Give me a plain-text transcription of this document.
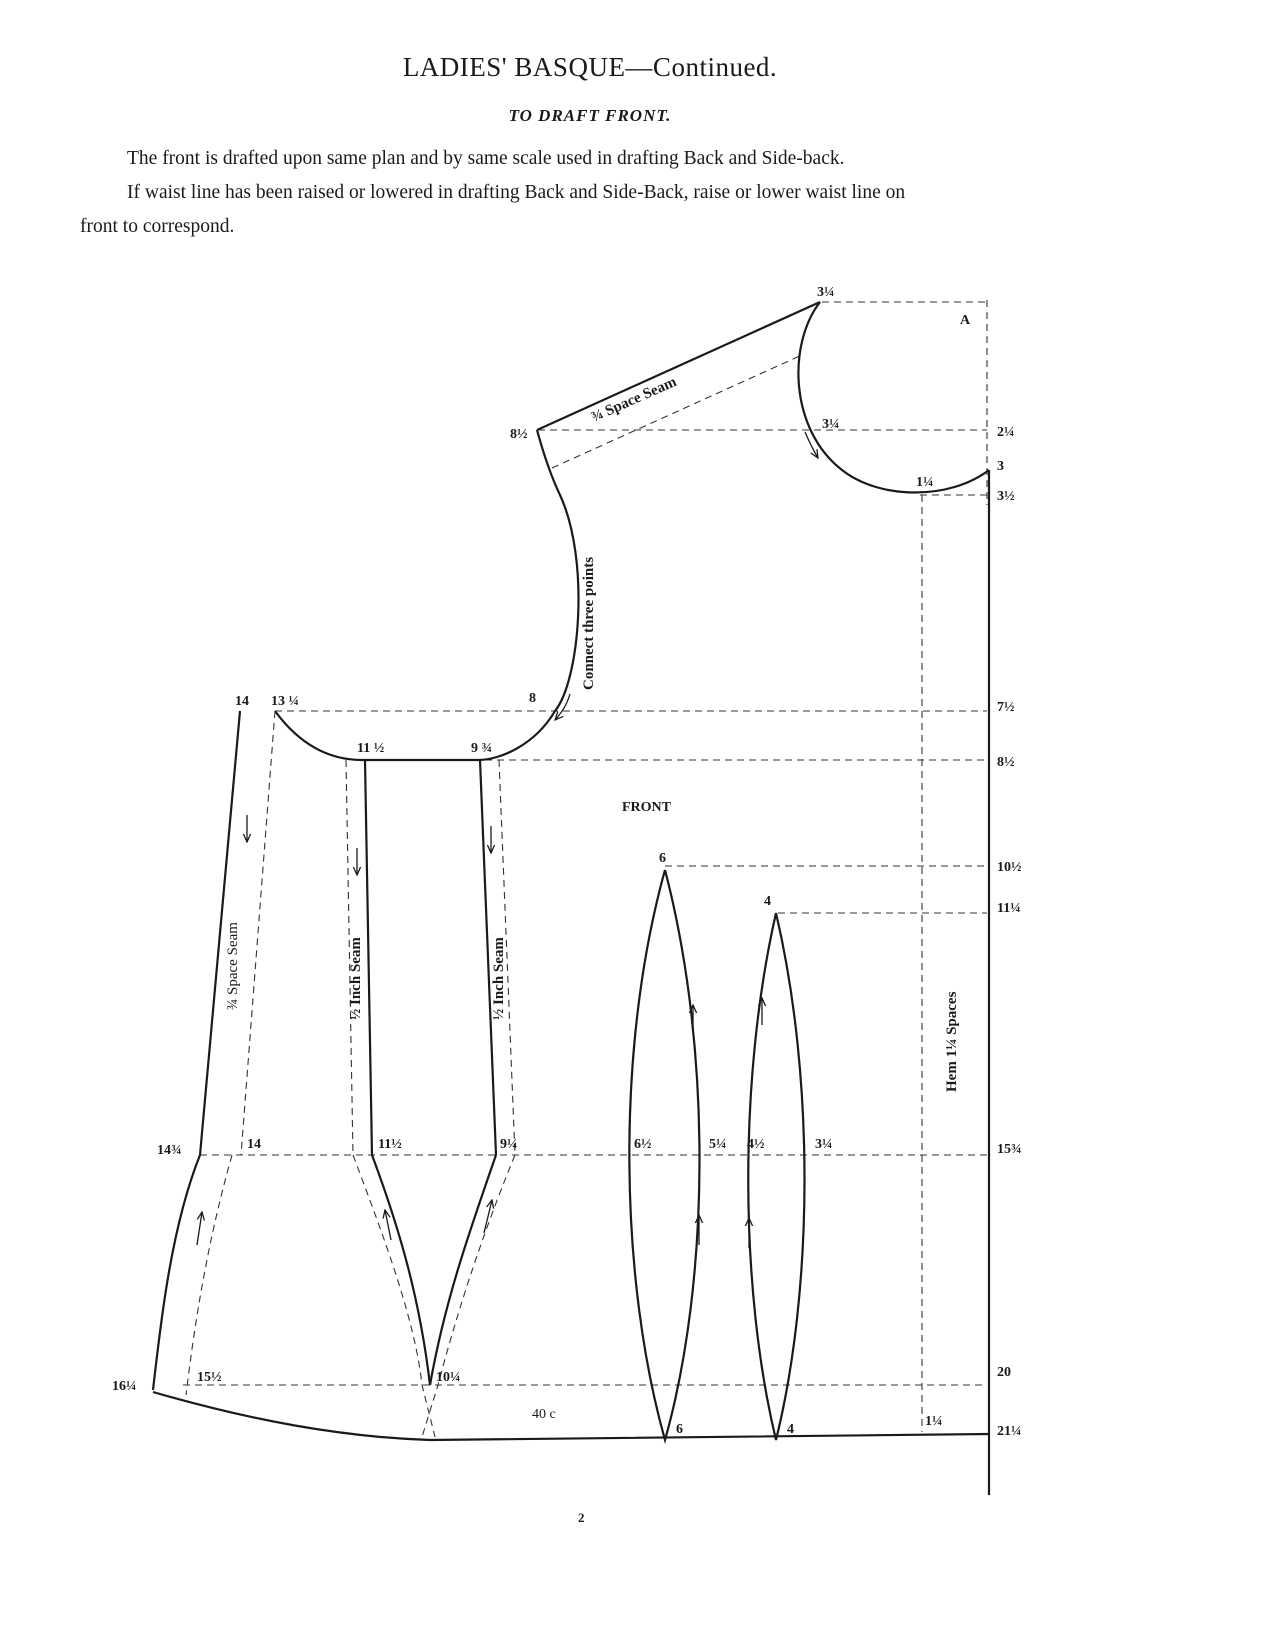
LADIES' BASQUE—Continued.
TO DRAFT FRONT.
The front is drafted upon same plan and by same scale used in drafting Back and Side-back.
If waist line has been raised or lowered in drafting Back and Side-Back, raise or lower waist line on
front to correspond.
2¼
3
3½
7½
8½
10½
11¼
15¾
20
21¼
3¼
A
8½
3¼
1¼
8
14 13 ¼
11 ½	9 ¾
FRONT
6
4
14¾	14	11½	9¼	6½	5¼ 4½	3¼
16¼
15½	10¼
40 c
6	4
1¼
¾ Space Seam
Connect three points
¾ Space Seam	½ Inch Seam	½ Inch Seam
Hem 1¼ Spaces
2
